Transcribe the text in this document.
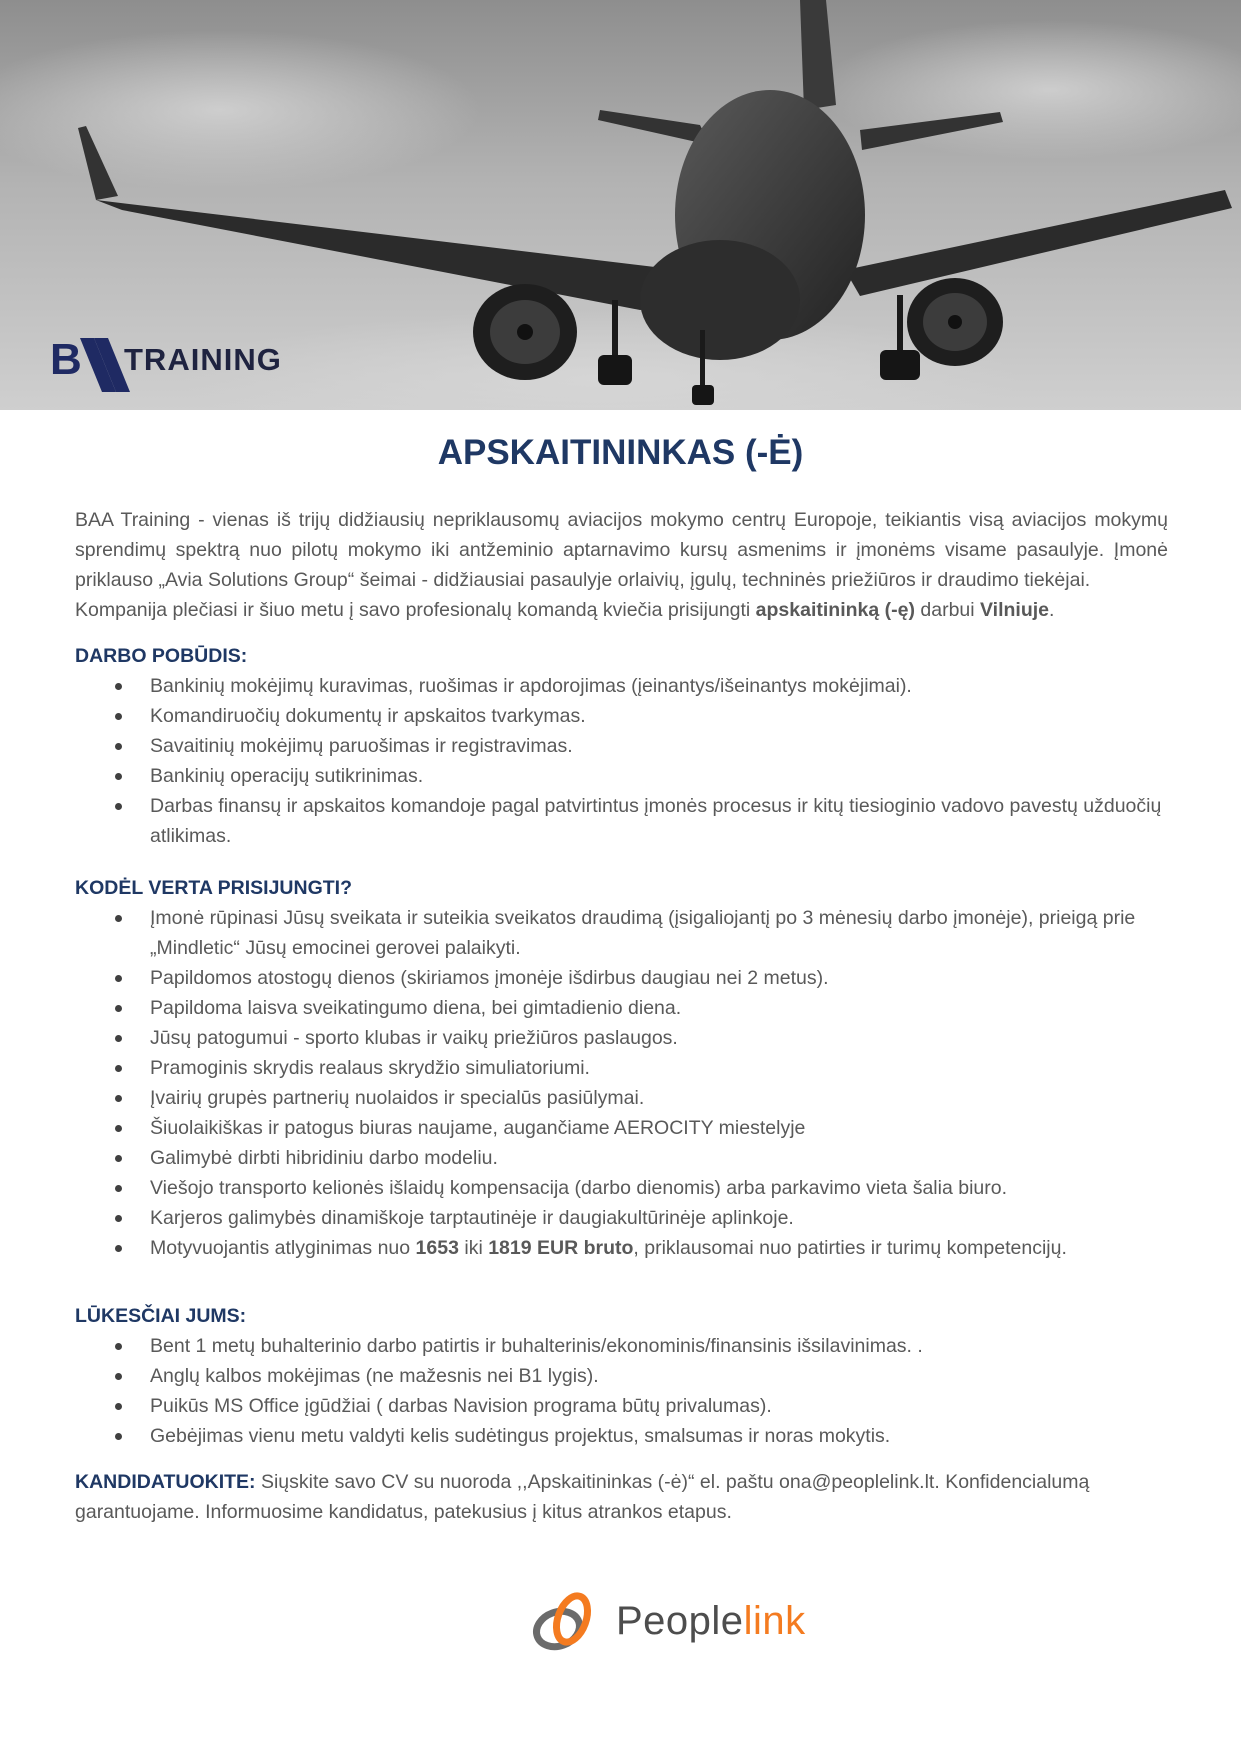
B TRAINING
APSKAITININKAS (-Ė)

BAA Training - vienas iš trijų didžiausių nepriklausomų aviacijos mokymo centrų Europoje, teikiantis visą aviacijos mokymų sprendimų spektrą nuo pilotų mokymo iki antžeminio aptarnavimo kursų asmenims ir įmonėms visame pasaulyje. Įmonė priklauso „Avia Solutions Group“ šeimai - didžiausiai pasaulyje orlaivių, įgulų, techninės priežiūros ir draudimo tiekėjai.

Kompanija plečiasi ir šiuo metu į savo profesionalų komandą kviečia prisijungti apskaitininką (-ę) darbui Vilniuje.

DARBO POBŪDIS:
Bankinių mokėjimų kuravimas, ruošimas ir apdorojimas (įeinantys/išeinantys mokėjimai).
Komandiruočių dokumentų ir apskaitos tvarkymas.
Savaitinių mokėjimų paruošimas ir registravimas.
Bankinių operacijų sutikrinimas.
Darbas finansų ir apskaitos komandoje pagal patvirtintus įmonės procesus ir kitų tiesioginio vadovo pavestų užduočių atlikimas.
KODĖL VERTA PRISIJUNGTI?
Įmonė rūpinasi Jūsų sveikata ir suteikia sveikatos draudimą (įsigaliojantį po 3 mėnesių darbo įmonėje), prieigą prie „Mindletic“ Jūsų emocinei gerovei palaikyti.
Papildomos atostogų dienos (skiriamos įmonėje išdirbus daugiau nei 2 metus).
Papildoma laisva sveikatingumo diena, bei gimtadienio diena.
Jūsų patogumui - sporto klubas ir vaikų priežiūros paslaugos.
Pramoginis skrydis realaus skrydžio simuliatoriumi.
Įvairių grupės partnerių nuolaidos ir specialūs pasiūlymai.
Šiuolaikiškas ir patogus biuras naujame, augančiame AEROCITY miestelyje
Galimybė dirbti hibridiniu darbo modeliu.
Viešojo transporto kelionės išlaidų kompensacija (darbo dienomis) arba parkavimo vieta šalia biuro.
Karjeros galimybės dinamiškoje tarptautinėje ir daugiakultūrinėje aplinkoje.
Motyvuojantis atlyginimas nuo 1653 iki 1819 EUR bruto, priklausomai nuo patirties ir turimų kompetencijų.
LŪKESČIAI JUMS:
Bent 1 metų buhalterinio darbo patirtis ir buhalterinis/ekonominis/finansinis išsilavinimas. .
Anglų kalbos mokėjimas (ne mažesnis nei B1 lygis).
Puikūs MS Office įgūdžiai ( darbas Navision programa būtų privalumas).
Gebėjimas vienu metu valdyti kelis sudėtingus projektus, smalsumas ir noras mokytis.

KANDIDATUOKITE: Siųskite savo CV su nuoroda ,,Apskaitininkas (-ė)“ el. paštu ona@peoplelink.lt. Konfidencialumą garantuojame. Informuosime kandidatus, patekusius į kitus atrankos etapus.

Peoplelink
